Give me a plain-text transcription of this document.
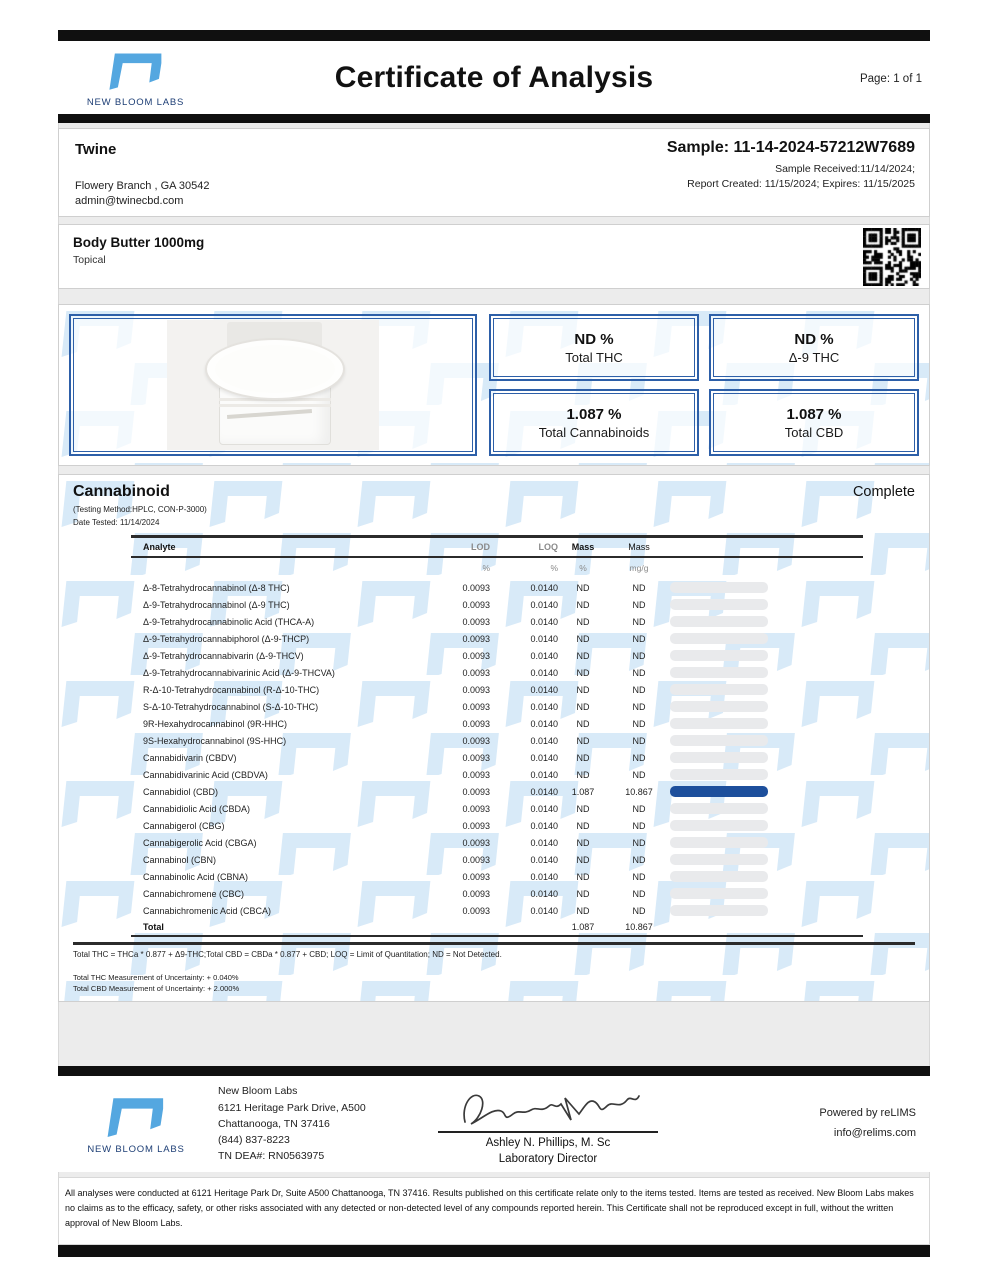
NEW BLOOM LABS
Certificate of Analysis	Page: 1 of 1
Twine
Flowery Branch , GA 30542
admin@twinecbd.com
Sample: 11-14-2024-57212W7689
Sample Received:11/14/2024;
Report Created: 11/15/2024; Expires: 11/15/2025
Body Butter 1000mg
Topical
ND %
Total THC
ND %
Δ-9 THC
1.087 %
Total Cannabinoids
1.087 %
Total CBD
Cannabinoid	Complete
(Testing Method:HPLC, CON-P-3000)
Date Tested: 11/14/2024
Analyte	LOD	LOQ	Mass	Mass	
	%	%	%	mg/g	
Δ-8-Tetrahydrocannabinol (Δ-8 THC)	0.0093	0.0140	ND	ND	

Δ-9-Tetrahydrocannabinol (Δ-9 THC)	0.0093	0.0140	ND	ND	

Δ-9-Tetrahydrocannabinolic Acid (THCA-A)	0.0093	0.0140	ND	ND	

Δ-9-Tetrahydrocannabiphorol (Δ-9-THCP)	0.0093	0.0140	ND	ND	

Δ-9-Tetrahydrocannabivarin (Δ-9-THCV)	0.0093	0.0140	ND	ND	

Δ-9-Tetrahydrocannabivarinic Acid (Δ-9-THCVA)	0.0093	0.0140	ND	ND	

R-Δ-10-Tetrahydrocannabinol (R-Δ-10-THC)	0.0093	0.0140	ND	ND	

S-Δ-10-Tetrahydrocannabinol (S-Δ-10-THC)	0.0093	0.0140	ND	ND	

9R-Hexahydrocannabinol (9R-HHC)	0.0093	0.0140	ND	ND	

9S-Hexahydrocannabinol (9S-HHC)	0.0093	0.0140	ND	ND	

Cannabidivarin (CBDV)	0.0093	0.0140	ND	ND	

Cannabidivarinic Acid (CBDVA)	0.0093	0.0140	ND	ND	

Cannabidiol (CBD)	0.0093	0.0140	1.087	10.867	

Cannabidiolic Acid (CBDA)	0.0093	0.0140	ND	ND	

Cannabigerol (CBG)	0.0093	0.0140	ND	ND	

Cannabigerolic Acid (CBGA)	0.0093	0.0140	ND	ND	

Cannabinol (CBN)	0.0093	0.0140	ND	ND	

Cannabinolic Acid (CBNA)	0.0093	0.0140	ND	ND	

Cannabichromene (CBC)	0.0093	0.0140	ND	ND	

Cannabichromenic Acid (CBCA)	0.0093	0.0140	ND	ND	

Total			1.087	10.867	
Total THC = THCa * 0.877 + Δ9-THC;Total CBD = CBDa * 0.877 + CBD; LOQ = Limit of Quantitation; ND = Not Detected.
Total THC Measurement of Uncertainty: + 0.040%
Total CBD Measurement of Uncertainty: + 2.000%
NEW BLOOM LABS
New Bloom Labs
6121 Heritage Park Drive, A500
Chattanooga, TN 37416
(844) 837-8223
TN DEA#: RN0563975
Ashley N. Phillips, M. Sc
Laboratory Director
Powered by reLIMS
info@relims.com
All analyses were conducted at 6121 Heritage Park Dr, Suite A500 Chattanooga, TN 37416. Results published on this certificate relate only to the items tested. Items are tested as received. New Bloom Labs makes no claims as to the efficacy, safety, or other risks associated with any detected or non-detected level of any compounds reported herein. This Certificate shall not be reproduced except in full, without the written approval of New Bloom Labs.
